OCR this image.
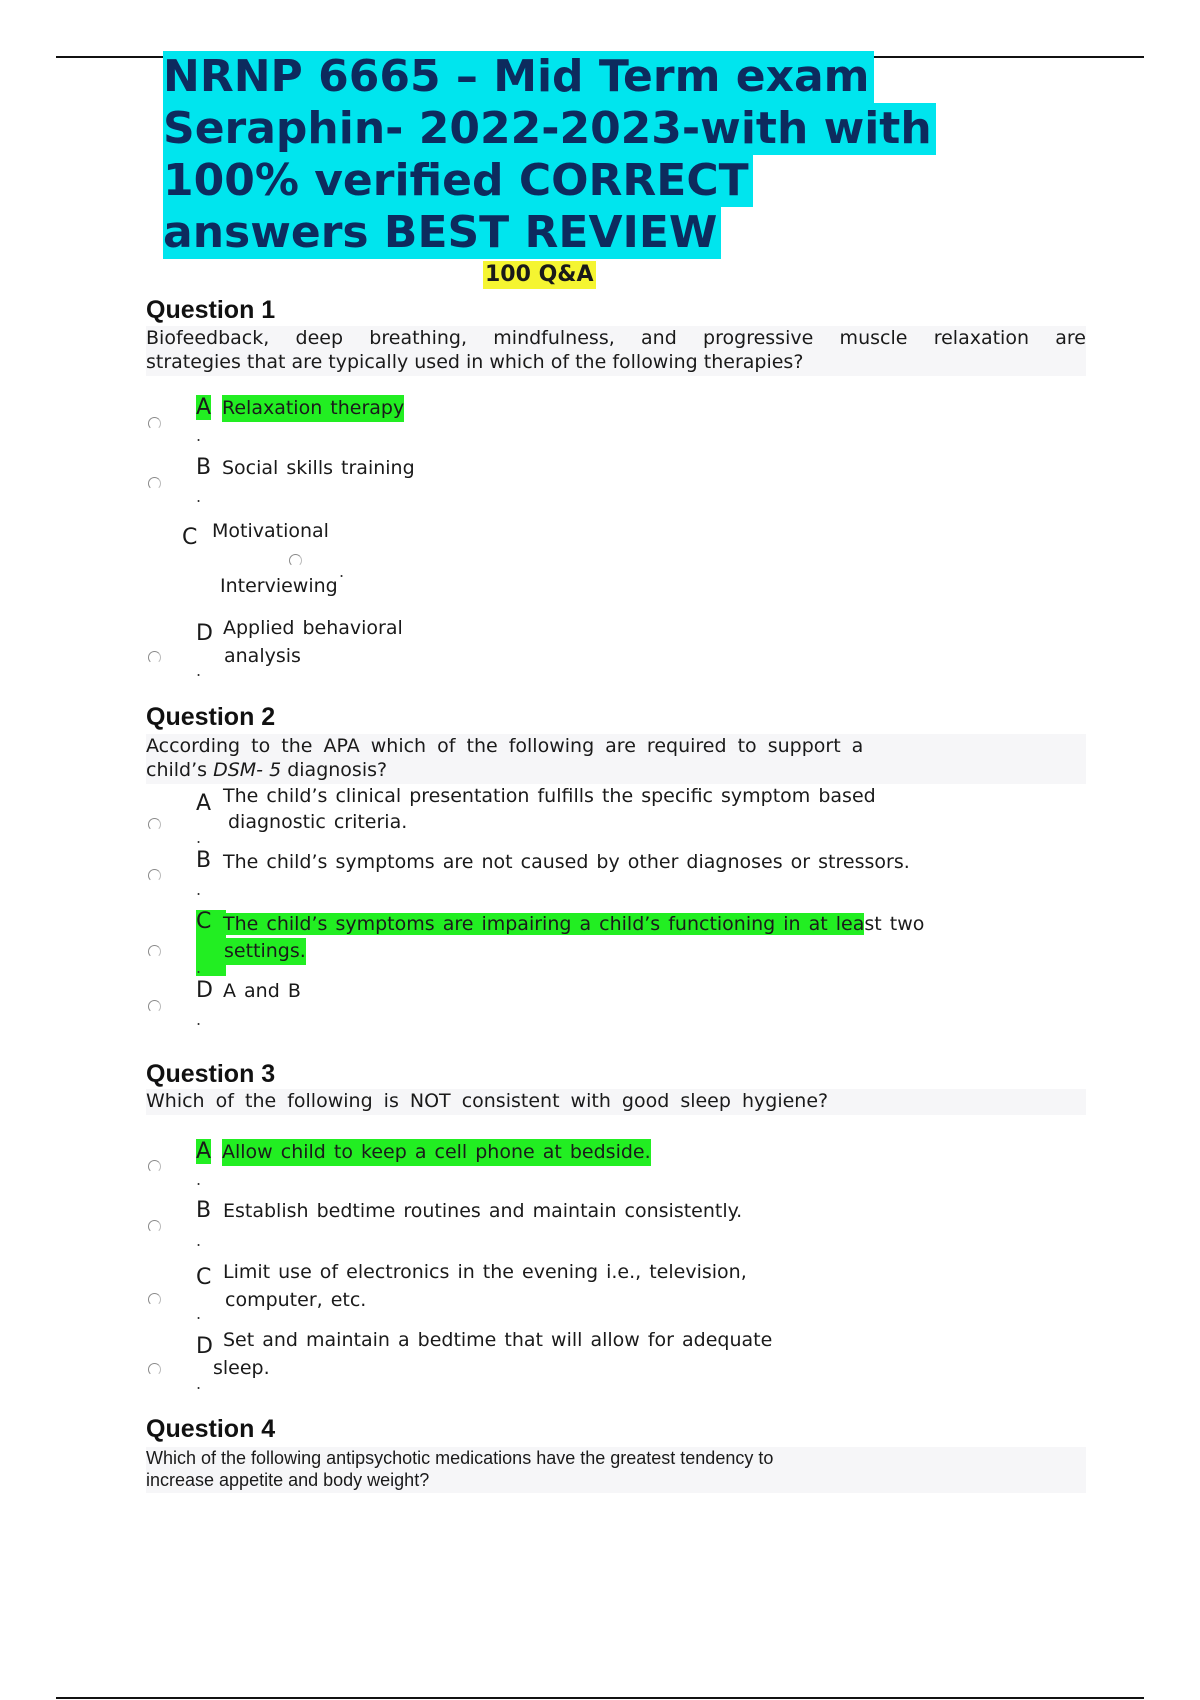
NRNP 6665 – Mid Term exam
Seraphin- 2022-2023-with with
100% verified CORRECT
answers BEST REVIEW
100 Q&A
Question 1
Biofeedback, deep breathing, mindfulness, and progressive muscle relaxation are
strategies that are typically used in which of the following therapies?
A Relaxation therapy
.
B Social skills training
.
C Motivational
Interviewing
.
D Applied behavioral
analysis
.
Question 2
According to the APA which of the following are required to support a
child’s DSM- 5 diagnosis?
A The child’s clinical presentation fulfills the specific symptom based
diagnostic criteria.
.
B The child’s symptoms are not caused by other diagnoses or stressors.
.
C The child’s symptoms are impairing a child’s functioning in at least two
settings.
.
D A and B
.
Question 3
Which of the following is NOT consistent with good sleep hygiene?
A Allow child to keep a cell phone at bedside.
.
B Establish bedtime routines and maintain consistently.
.
C Limit use of electronics in the evening i.e., television,
computer, etc.
.
D Set and maintain a bedtime that will allow for adequate
sleep.
.
Question 4
Which of the following antipsychotic medications have the greatest tendency to
increase appetite and body weight?
